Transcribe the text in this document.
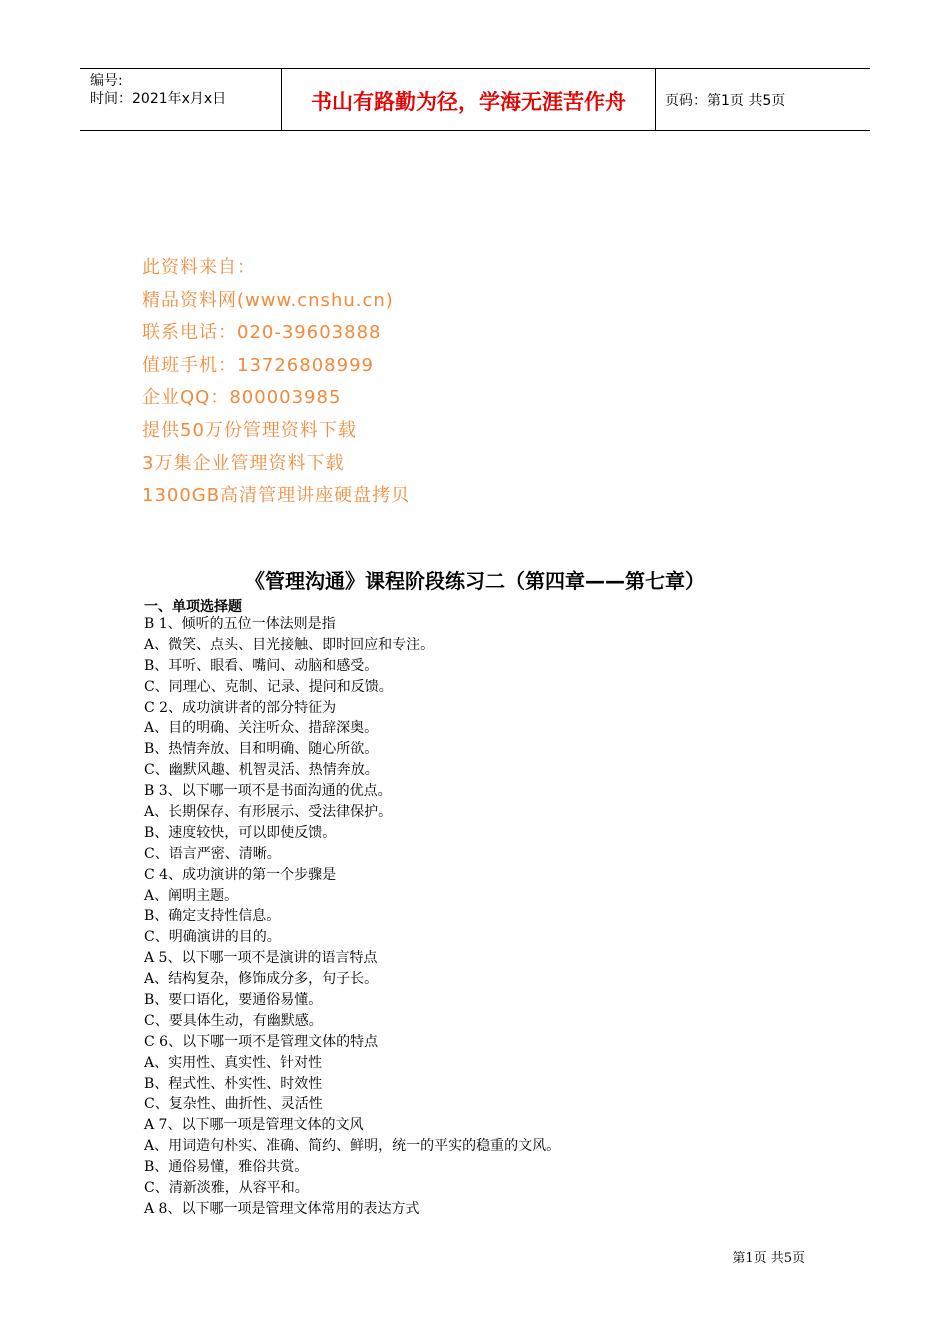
编号:
时间：2021年x月x日	书山有路勤为径，学海无涯苦作舟	页码：第1页 共5页
此资料来自：
精品资料网(www.cnshu.cn)
联系电话：020-39603888
值班手机：13726808999
企业QQ：800003985
提供50万份管理资料下载
3万集企业管理资料下载
1300GB高清管理讲座硬盘拷贝
《管理沟通》课程阶段练习二（第四章——第七章）
一、单项选择题
B 1、倾听的五位一体法则是指
A、微笑、点头、目光接触、即时回应和专注。
B、耳听、眼看、嘴问、动脑和感受。
C、同理心、克制、记录、提问和反馈。
C 2、成功演讲者的部分特征为
A、目的明确、关注听众、措辞深奥。
B、热情奔放、目和明确、随心所欲。
C、幽默风趣、机智灵活、热情奔放。
B 3、以下哪一项不是书面沟通的优点。
A、长期保存、有形展示、受法律保护。
B、速度较快，可以即使反馈。
C、语言严密、清晰。
C 4、成功演讲的第一个步骤是
A、阐明主题。
B、确定支持性信息。
C、明确演讲的目的。
A 5、以下哪一项不是演讲的语言特点
A、结构复杂，修饰成分多，句子长。
B、要口语化，要通俗易懂。
C、要具体生动，有幽默感。
C 6、以下哪一项不是管理文体的特点
A、实用性、真实性、针对性
B、程式性、朴实性、时效性
C、复杂性、曲折性、灵活性
A 7、以下哪一项是管理文体的文风
A、用词造句朴实、准确、简约、鲜明，统一的平实的稳重的文风。
B、通俗易懂，雅俗共赏。
C、清新淡雅，从容平和。
A 8、以下哪一项是管理文体常用的表达方式
第1页 共5页
